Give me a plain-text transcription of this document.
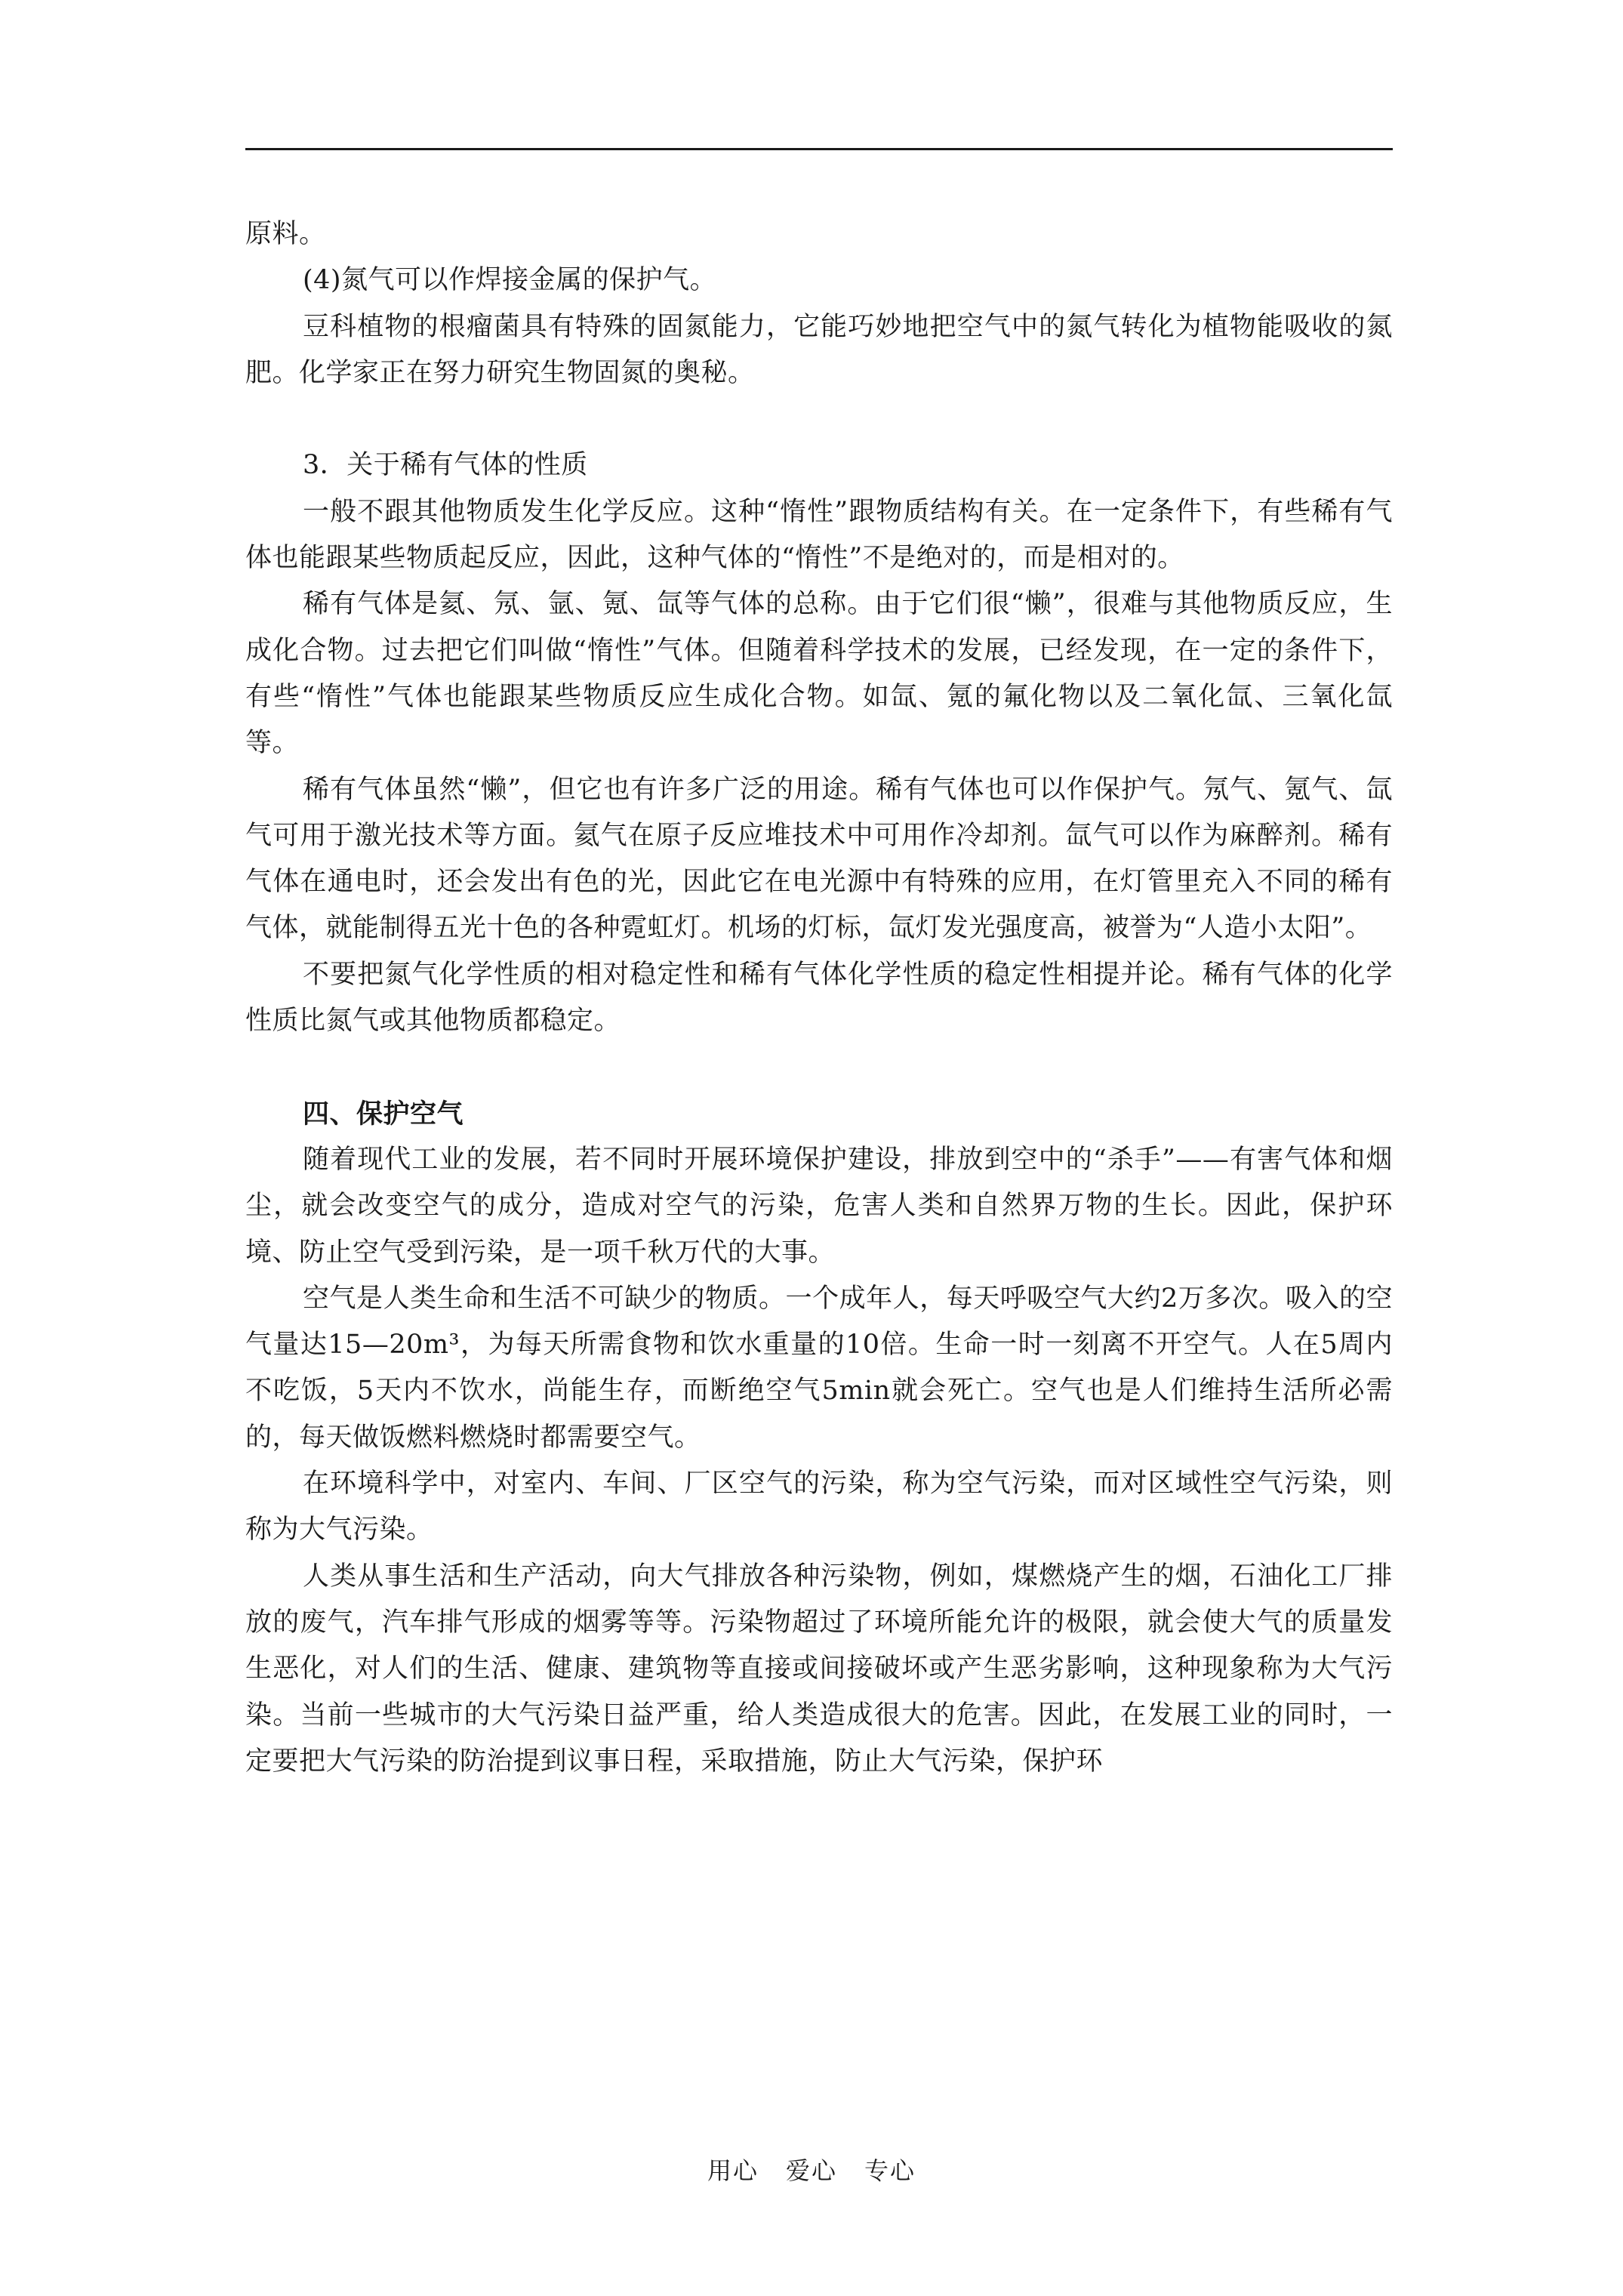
原料。

(4)氮气可以作焊接金属的保护气。

豆科植物的根瘤菌具有特殊的固氮能力，它能巧妙地把空气中的氮气转化为植物能吸收的氮肥。化学家正在努力研究生物固氮的奥秘。

3．关于稀有气体的性质

一般不跟其他物质发生化学反应。这种“惰性”跟物质结构有关。在一定条件下，有些稀有气体也能跟某些物质起反应，因此，这种气体的“惰性”不是绝对的，而是相对的。

稀有气体是氦、氖、氩、氪、氙等气体的总称。由于它们很“懒”，很难与其他物质反应，生成化合物。过去把它们叫做“惰性”气体。但随着科学技术的发展，已经发现，在一定的条件下，有些“惰性”气体也能跟某些物质反应生成化合物。如氙、氪的氟化物以及二氧化氙、三氧化氙等。

稀有气体虽然“懒”，但它也有许多广泛的用途。稀有气体也可以作保护气。氖气、氪气、氙气可用于激光技术等方面。氦气在原子反应堆技术中可用作冷却剂。氙气可以作为麻醉剂。稀有气体在通电时，还会发出有色的光，因此它在电光源中有特殊的应用，在灯管里充入不同的稀有气体，就能制得五光十色的各种霓虹灯。机场的灯标，氙灯发光强度高，被誉为“人造小太阳”。

不要把氮气化学性质的相对稳定性和稀有气体化学性质的稳定性相提并论。稀有气体的化学性质比氮气或其他物质都稳定。

四、保护空气

随着现代工业的发展，若不同时开展环境保护建设，排放到空中的“杀手”——有害气体和烟尘，就会改变空气的成分，造成对空气的污染，危害人类和自然界万物的生长。因此，保护环境、防止空气受到污染，是一项千秋万代的大事。

空气是人类生命和生活不可缺少的物质。一个成年人，每天呼吸空气大约2万多次。吸入的空气量达15—20m³，为每天所需食物和饮水重量的10倍。生命一时一刻离不开空气。人在5周内不吃饭，5天内不饮水，尚能生存，而断绝空气5min就会死亡。空气也是人们维持生活所必需的，每天做饭燃料燃烧时都需要空气。

在环境科学中，对室内、车间、厂区空气的污染，称为空气污染，而对区域性空气污染，则称为大气污染。

人类从事生活和生产活动，向大气排放各种污染物，例如，煤燃烧产生的烟，石油化工厂排放的废气，汽车排气形成的烟雾等等。污染物超过了环境所能允许的极限，就会使大气的质量发生恶化，对人们的生活、健康、建筑物等直接或间接破坏或产生恶劣影响，这种现象称为大气污染。当前一些城市的大气污染日益严重，给人类造成很大的危害。因此，在发展工业的同时，一定要把大气污染的防治提到议事日程，采取措施，防止大气污染，保护环

用心 爱心 专心
